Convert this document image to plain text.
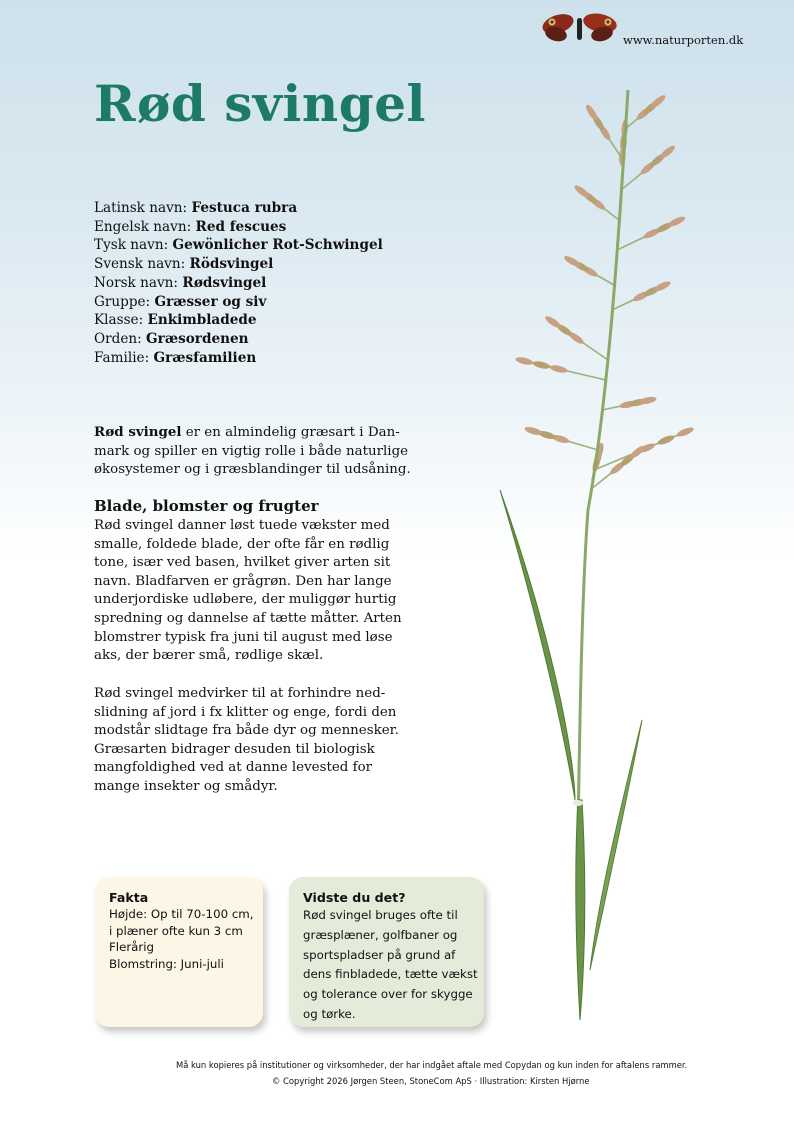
www.naturporten.dk
Rød svingel
Latinsk navn: Festuca rubra
Engelsk navn: Red fescues
Tysk navn: Gewönlicher Rot-Schwingel
Svensk navn: Rödsvingel
Norsk navn: Rødsvingel
Gruppe: Græsser og siv
Klasse: Enkimbladede
Orden: Græsordenen
Familie: Græsfamilien
Rød svingel er en almindelig græsart i Dan-
mark og spiller en vigtig rolle i både naturlige
økosystemer og i græsblandinger til udsåning.
Blade, blomster og frugter
Rød svingel danner løst tuede vækster med
smalle, foldede blade, der ofte får en rødlig
tone, især ved basen, hvilket giver arten sit
navn. Bladfarven er grågrøn. Den har lange
underjordiske udløbere, der muliggør hurtig
spredning og dannelse af tætte måtter. Arten
blomstrer typisk fra juni til august med løse
aks, der bærer små, rødlige skæl.
Rød svingel medvirker til at forhindre ned-
slidning af jord i fx klitter og enge, fordi den
modstår slidtage fra både dyr og mennesker.
Græsarten bidrager desuden til biologisk
mangfoldighed ved at danne levested for
mange insekter og smådyr.
Fakta
Højde: Op til 70-100 cm,
i plæner ofte kun 3 cm
Flerårig
Blomstring: Juni-juli
Vidste du det?
Rød svingel bruges ofte til
græsplæner, golfbaner og
sportspladser på grund af
dens finbladede, tætte vækst
og tolerance over for skygge
og tørke.
Må kun kopieres på institutioner og virksomheder, der har indgået aftale med Copydan og kun inden for aftalens rammer.
© Copyright 2026 Jørgen Steen, StoneCom ApS · Illustration: Kirsten Hjørne
